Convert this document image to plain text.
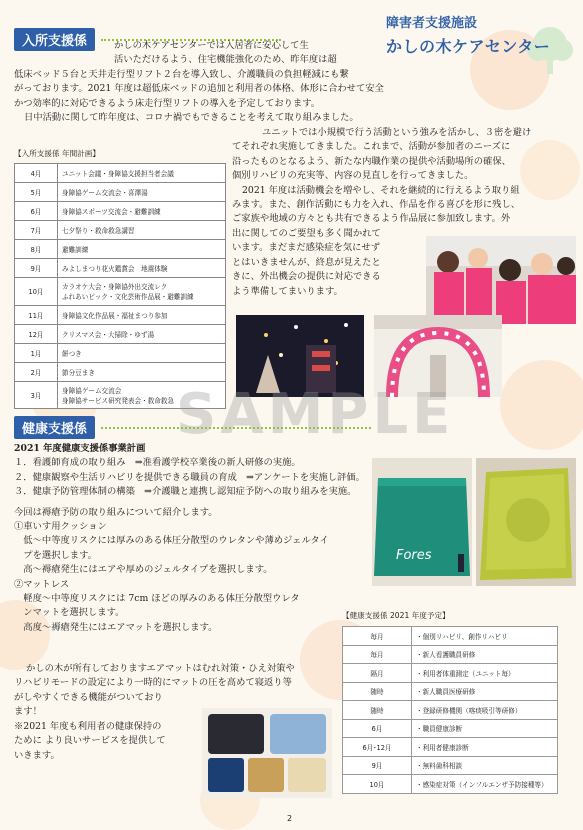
障害者支援施設
かしの木ケアセンター
入所支援係	かしの木ケアセンターでは入居者に安心して生

活いただけるよう、住宅機能強化のため、昨年度は超

低床ベッド５台と天井走行型リフト２台を導入致し、介護職員の負担軽減にも繋

がっております。2021 年度は超低床ベッドの追加と利用者の体格、体形に合わせて安全

かつ効率的に対応できるよう床走行型リフトの導入を予定しております。

日中活動に関して昨年度は、コロナ禍でもできることを考えて取り組みました。

ユニットでは小規模で行う活動という強みを活かし、３密を避け

てそれぞれ実施してきました。これまで、活動が参加者のニーズに

沿ったものとなるよう、新たな内職作業の提供や活動場所の確保、

個別リハビリの充実等、内容の見直しを行ってきました。

2021 年度は活動機会を増やし、それを継続的に行えるよう取り組

みます。また、創作活動にも力を入れ、作品を作る喜びを形に残し、

ご家族や地域の方々とも共有できるよう作品展に参加致します。外

出に関してのご要望も多く聞かれて

います。まだまだ感染症を気にせず

とはいきませんが、終息が見えたと

きに、外出機会の提供に対応できる

よう準備してまいります。

【入所支援係 年間計画】
4月	ユニット会議・身障協支援担当者会議
5月	身障協ゲーム交流会・喜澤湯
6月	身障協スポーツ交流会・避難訓練
7月	七夕祭り・救命救急講習
8月	避難訓練
9月	みよしまつり花火鑑賞会　地震体験
10月	カラオケ大会・身障協外出交流レク
ふれあいピック・文化芸術作品展・避難訓練
11月	身障協文化作品展・福祉まつり参加
12月	クリスマス会・大掃除・ゆず湯
1月	餅つき
2月	節分豆まき
3月	身障協ゲーム交流会
身障協サービス研究発表会・救命救急 SAMPLE
健康支援係

2021 年度健康支援係事業計画

１．看護師育成の取り組み　⇒准看護学校卒業後の新人研修の実施。

２．健康観察や生活リハビリを提供できる職員の育成　⇒アンケートを実施し評価。

３．健康予防管理体制の構築　⇒介護職と連携し認知症予防への取り組みを実施。

今回は褥瘡予防の取り組みについて紹介します。

①車いす用クッション

　低～中等度リスクには厚みのある体圧分散型のウレタンや薄めジェルタイ

　プを選択します。

　高～褥瘡発生にはエアや厚めのジェルタイプを選択します。

②マットレス

　軽度～中等度リスクには 7cm ほどの厚みのある体圧分散型ウレタ

　ンマットを選択します。

　高度～褥瘡発生にはエアマットを選択します。

かしの木が所有しておりますエアマットはむれ対策・ひえ対策や

リハビリモードの設定により一時的にマットの圧を高めて寝返り等

がしやすくできる機能がついており

ます！

※2021 年度も利用者の健康保持の

ために より良いサービスを提供して

いきます。

Fores
【健康支援係 2021 年度予定】
毎月	・個別リハビリ、創作リハビリ
毎月	・新人看護職員研修
隔月	・利用者体重測定（ユニット毎）
随時	・新人職員医療研修
随時	・登録研修機関（喀痰吸引等研修）
6月	・職員健康診断
6月･12月	・利用者健康診断
9月	・無料歯科相談
10月	・感染症対策（インフルエンザ予防接種等）
2
